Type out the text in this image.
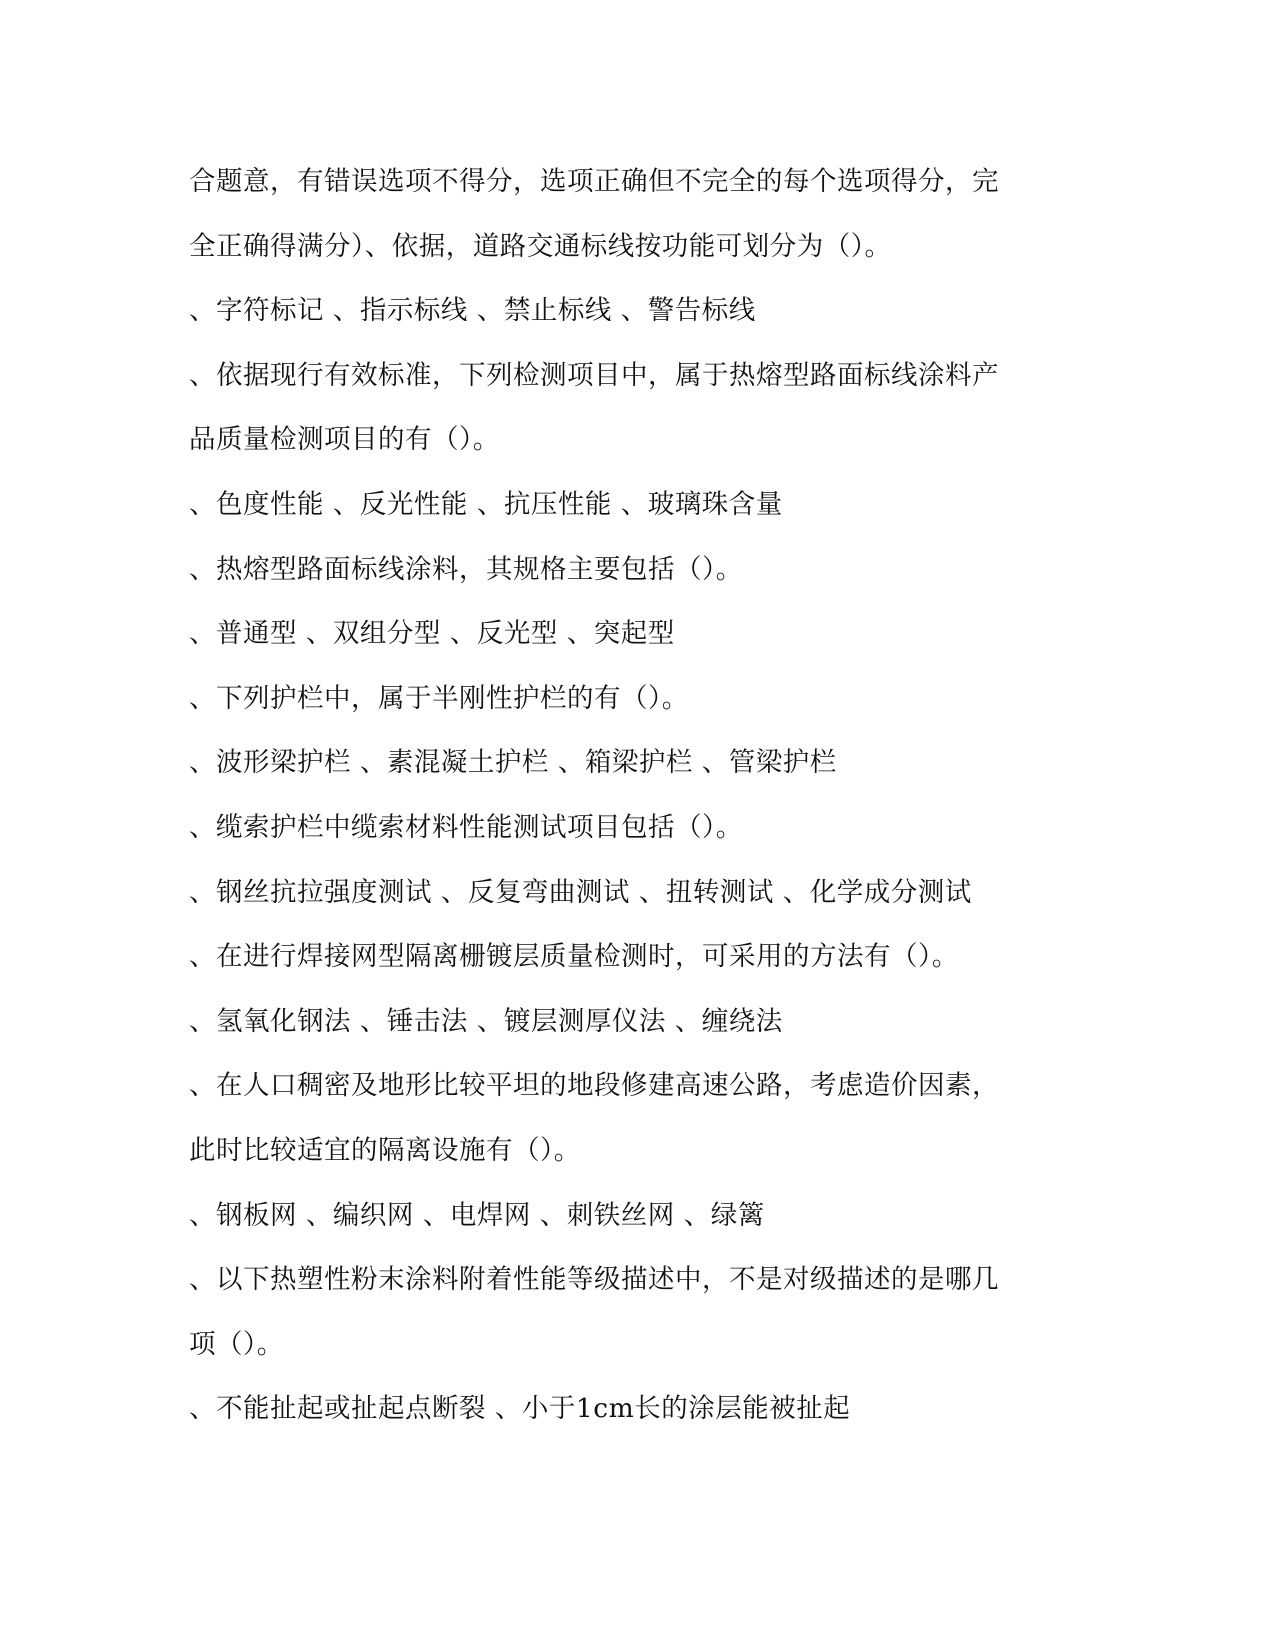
合题意，有错误选项不得分，选项正确但不完全的每个选项得分，完
全正确得满分）、依据，道路交通标线按功能可划分为（）。
、字符标记 、指示标线 、禁止标线 、警告标线
、依据现行有效标准，下列检测项目中，属于热熔型路面标线涂料产
品质量检测项目的有（）。
、色度性能 、反光性能 、抗压性能 、玻璃珠含量
、热熔型路面标线涂料，其规格主要包括（）。
、普通型 、双组分型 、反光型 、突起型
、下列护栏中，属于半刚性护栏的有（）。
、波形梁护栏 、素混凝土护栏 、箱梁护栏 、管梁护栏
、缆索护栏中缆索材料性能测试项目包括（）。
、钢丝抗拉强度测试 、反复弯曲测试 、扭转测试 、化学成分测试
、在进行焊接网型隔离栅镀层质量检测时，可采用的方法有（）。
、氢氧化钢法 、锤击法 、镀层测厚仪法 、缠绕法
、在人口稠密及地形比较平坦的地段修建高速公路，考虑造价因素，
此时比较适宜的隔离设施有（）。
、钢板网 、编织网 、电焊网 、刺铁丝网 、绿篱
、以下热塑性粉末涂料附着性能等级描述中，不是对级描述的是哪几
项（）。
、不能扯起或扯起点断裂 、小于1cm长的涂层能被扯起
